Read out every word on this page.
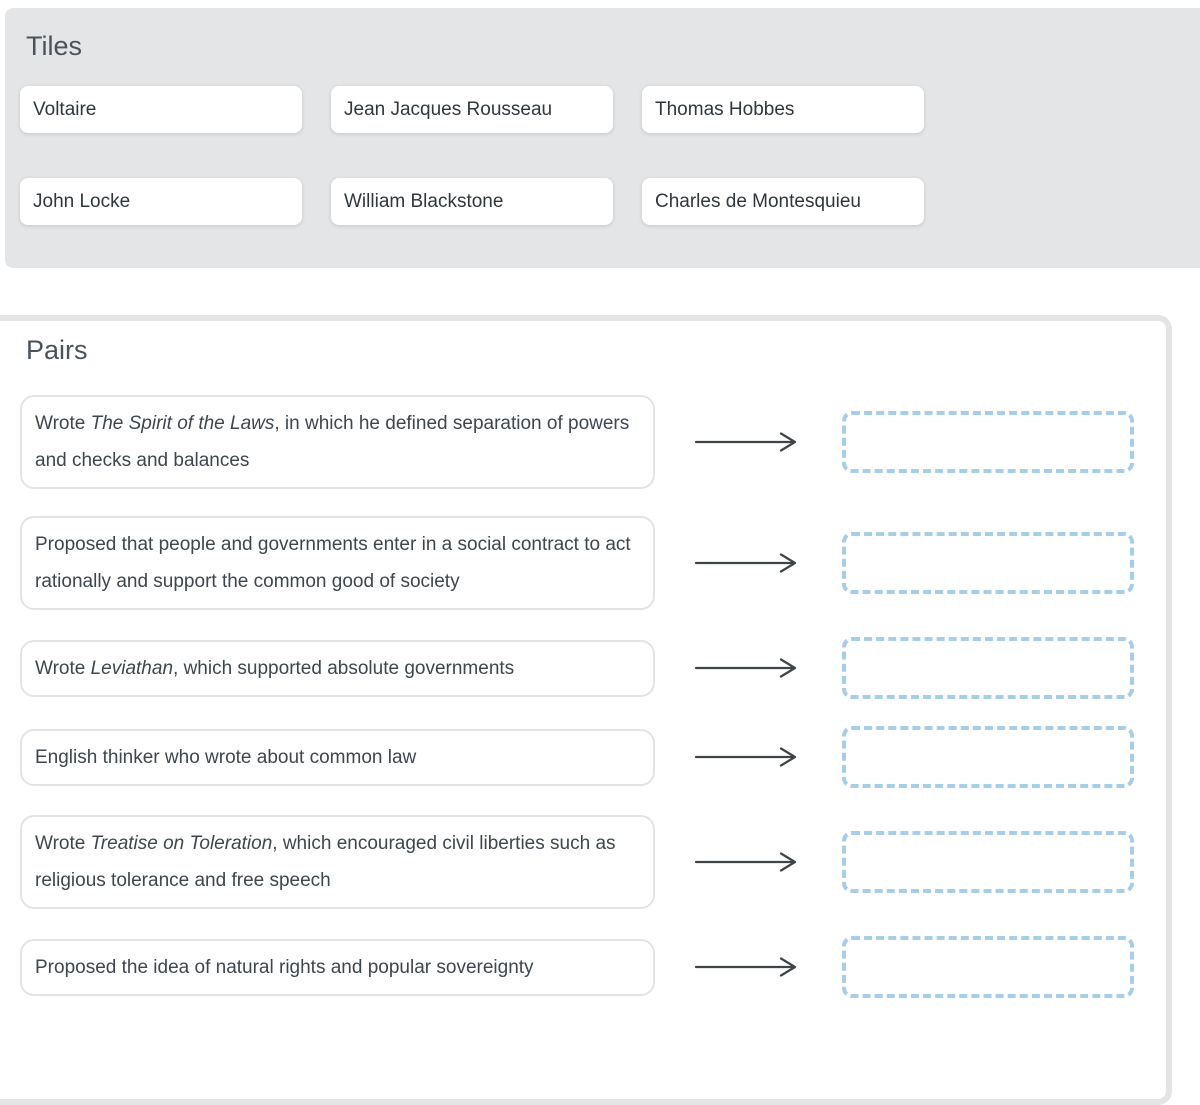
Tiles
Voltaire	Jean Jacques Rousseau	Thomas Hobbes
John Locke	William Blackstone	Charles de Montesquieu
Pairs
Wrote The Spirit of the Laws, in which he defined separation of powers and checks and balances
Proposed that people and governments enter in a social contract to act rationally and support the common good of society
Wrote Leviathan, which supported absolute governments
English thinker who wrote about common law
Wrote Treatise on Toleration, which encouraged civil liberties such as religious tolerance and free speech
Proposed the idea of natural rights and popular sovereignty
